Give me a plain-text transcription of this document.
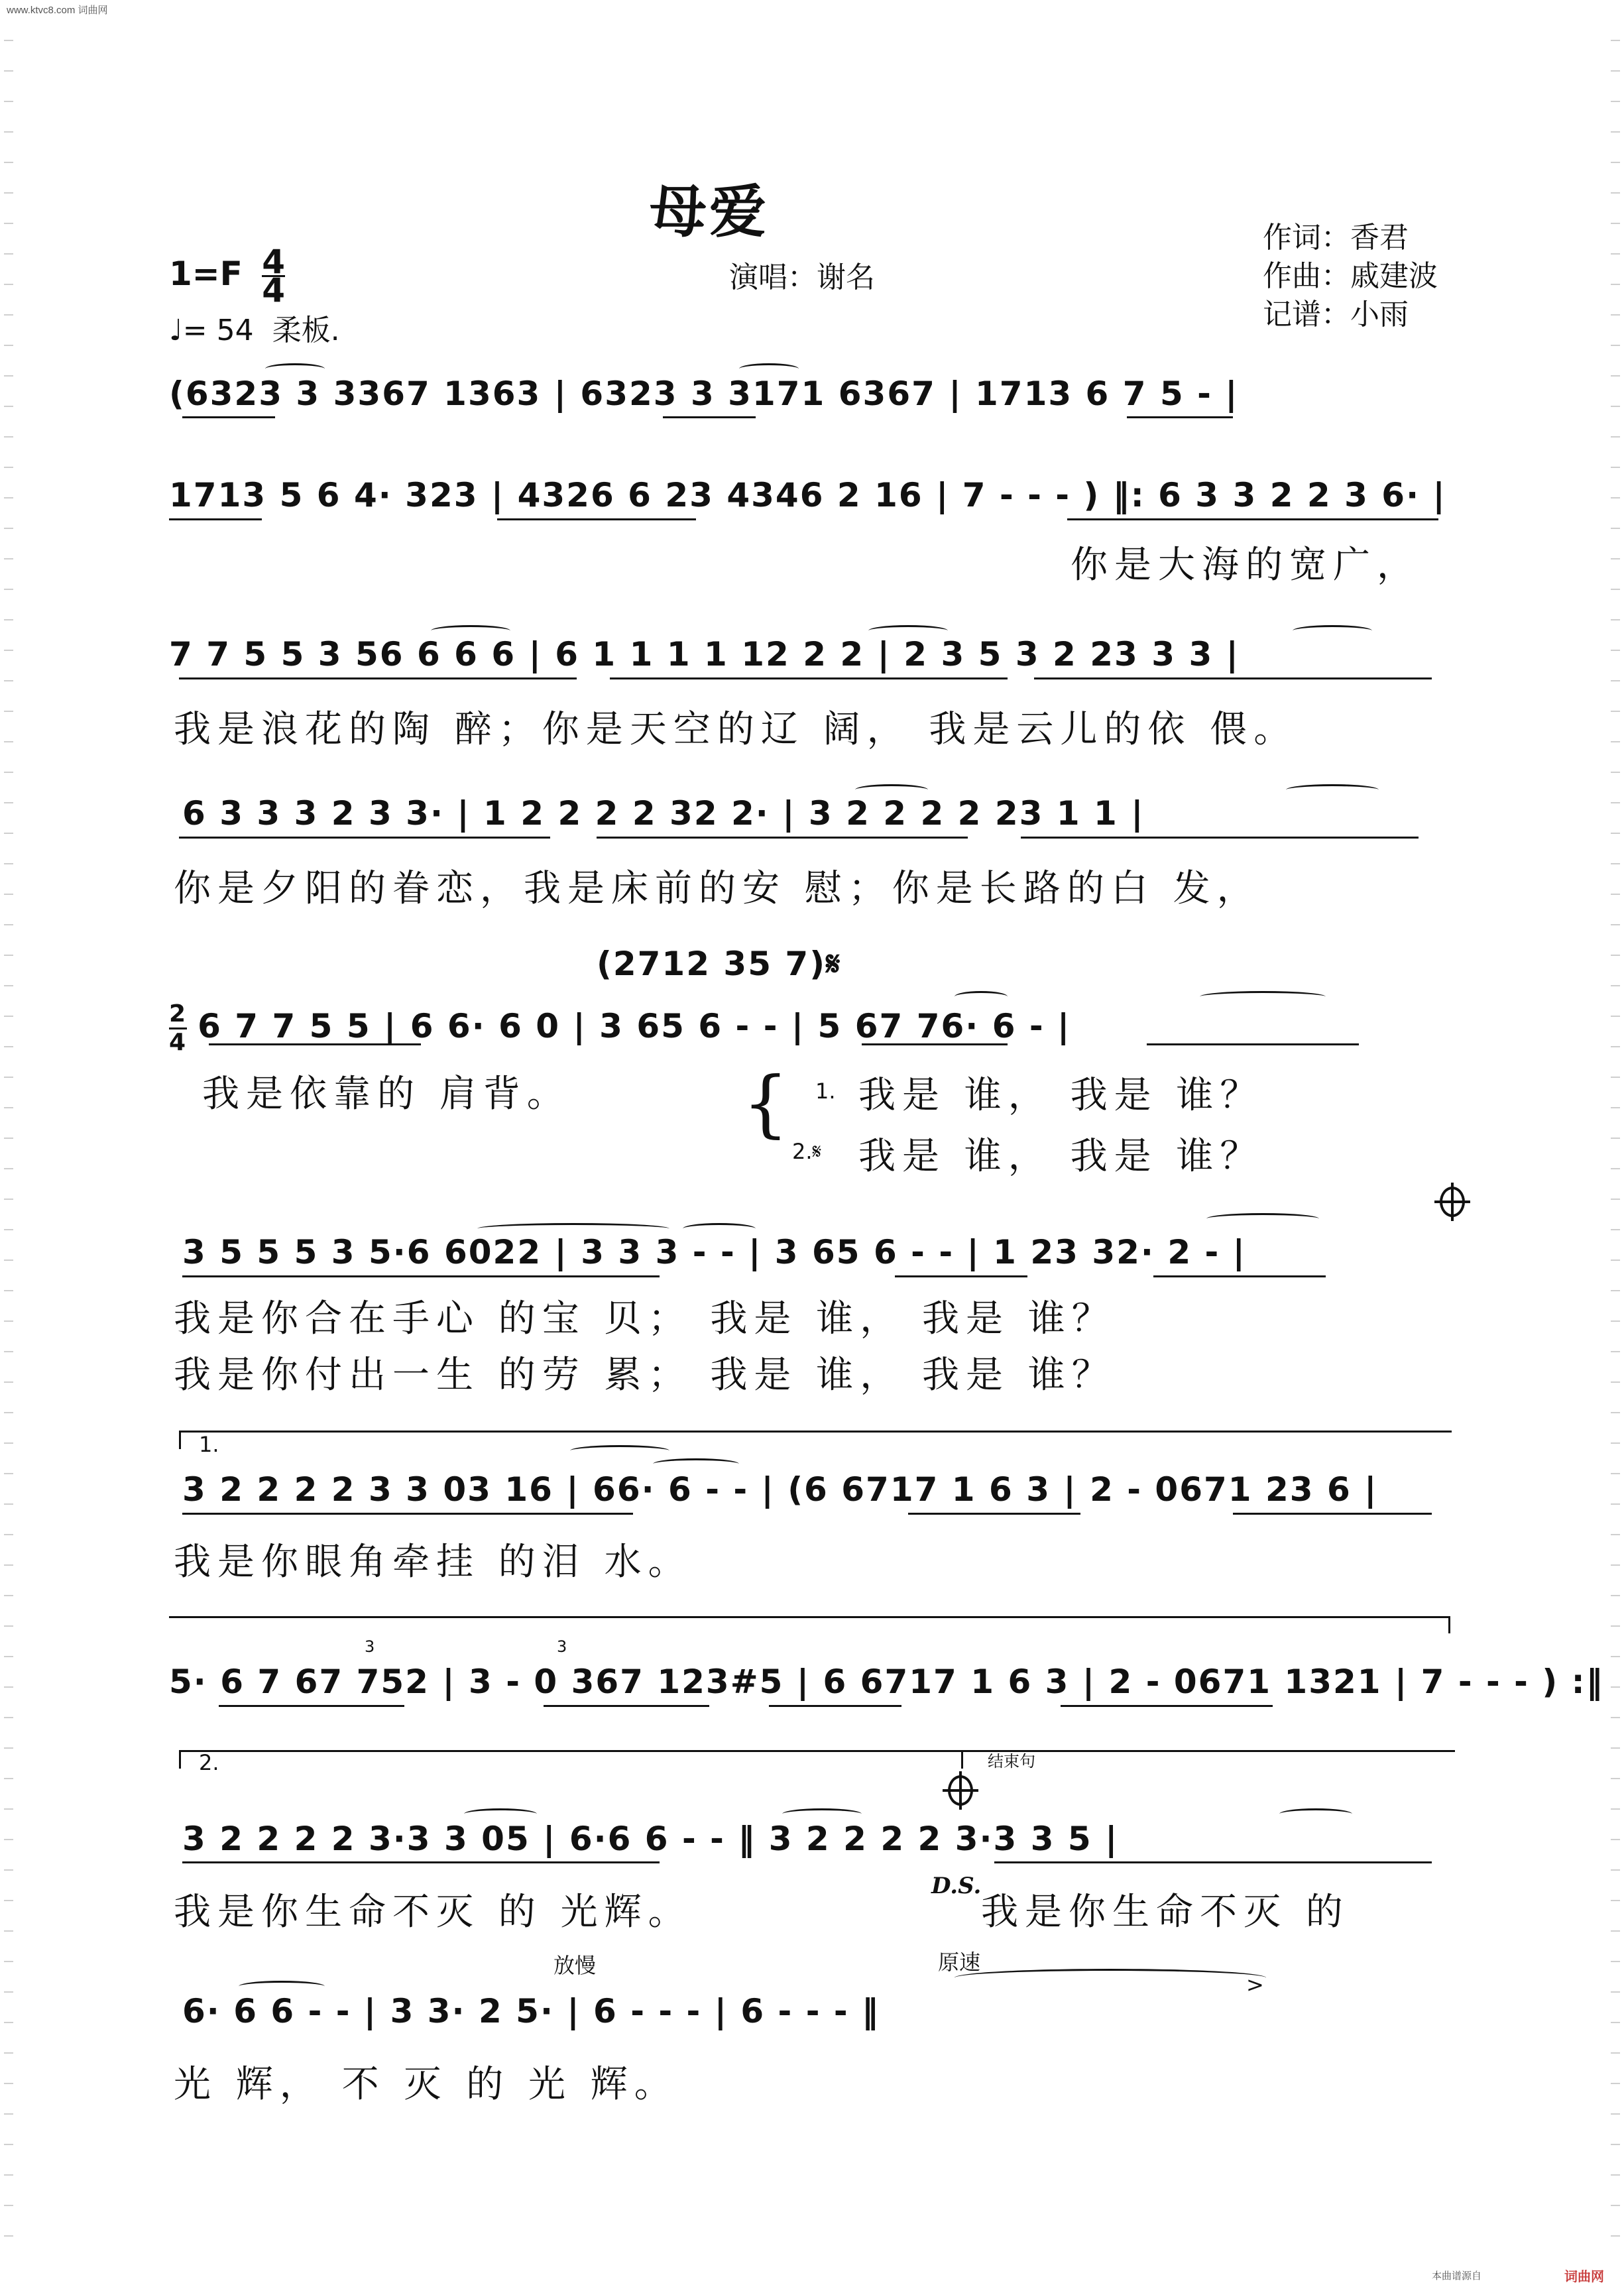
www.ktvc8.com 词曲网
母爱
演唱：谢名
作词：香君
作曲：戚建波
记谱：小雨
$1=F \frac{4}{4}$
♩= 54 柔板.
(6323 3 3367 1363 | 6323 3 3171 6367 | 1713 6 7 5 - |
1713 5 6 4· 323 | 4326 6 23 4346 2 16 | 7 - - - ) ‖: 6 3 3 2 2 3 6· |
你是大海的宽广，
7 7 5 5 3 56 6 6 6 | 6 1 1 1 1 12 2 2 | 2 3 5 3 2 23 3 3 |
我是浪花的陶 醉；你是天空的辽 阔， 我是云儿的依 偎。
6 3 3 3 2 3 3· | 1 2 2 2 2 32 2· | 3 2 2 2 2 23 1 1 |
你是夕阳的眷恋，我是床前的安 慰；你是长路的白 发，
(2712 35 7)𝄋
$\frac{2}{4} 6$ 7 7 5 5 | 6 6· 6 0 | 3 65 6 - - | 5 67 76· 6 - |
我是依靠的 肩背。 { 1. 我是 谁， 我是 谁？
2.𝄋 我是 谁， 我是 谁？
3 5 5 5 3 5·6 6022 | 3 3 3 - - | 3 65 6 - - | 1 23 32· 2 - |
我是你合在手心 的宝 贝； 我是 谁， 我是 谁？
我是你付出一生 的劳 累； 我是 谁， 我是 谁？
1.
3 2 2 2 2 3 3 03 16 | 66· 6 - - | (6 6717 1 6 3 | 2 - 0671 23 6 |
我是你眼角牵挂 的泪 水。
5· 6 7 67 752 | 3 - 0 367 123#5 | 6 6717 1 6 3 | 2 - 0671 1321 | 7 - - - ) :‖
3	3
2.	结束句
3 2 2 2 2 3·3 3 05 | 6·6 6 - - ‖ 3 2 2 2 2 3·3 3 5 |
我是你生命不灭 的 光辉。
D.S.
我是你生命不灭 的
放慢	原速
>
6· 6 6 - - | 3 3· 2 5· | 6 - - - | 6 - - - ‖
光 辉， 不 灭 的 光 辉。
本曲谱源自	词曲网
